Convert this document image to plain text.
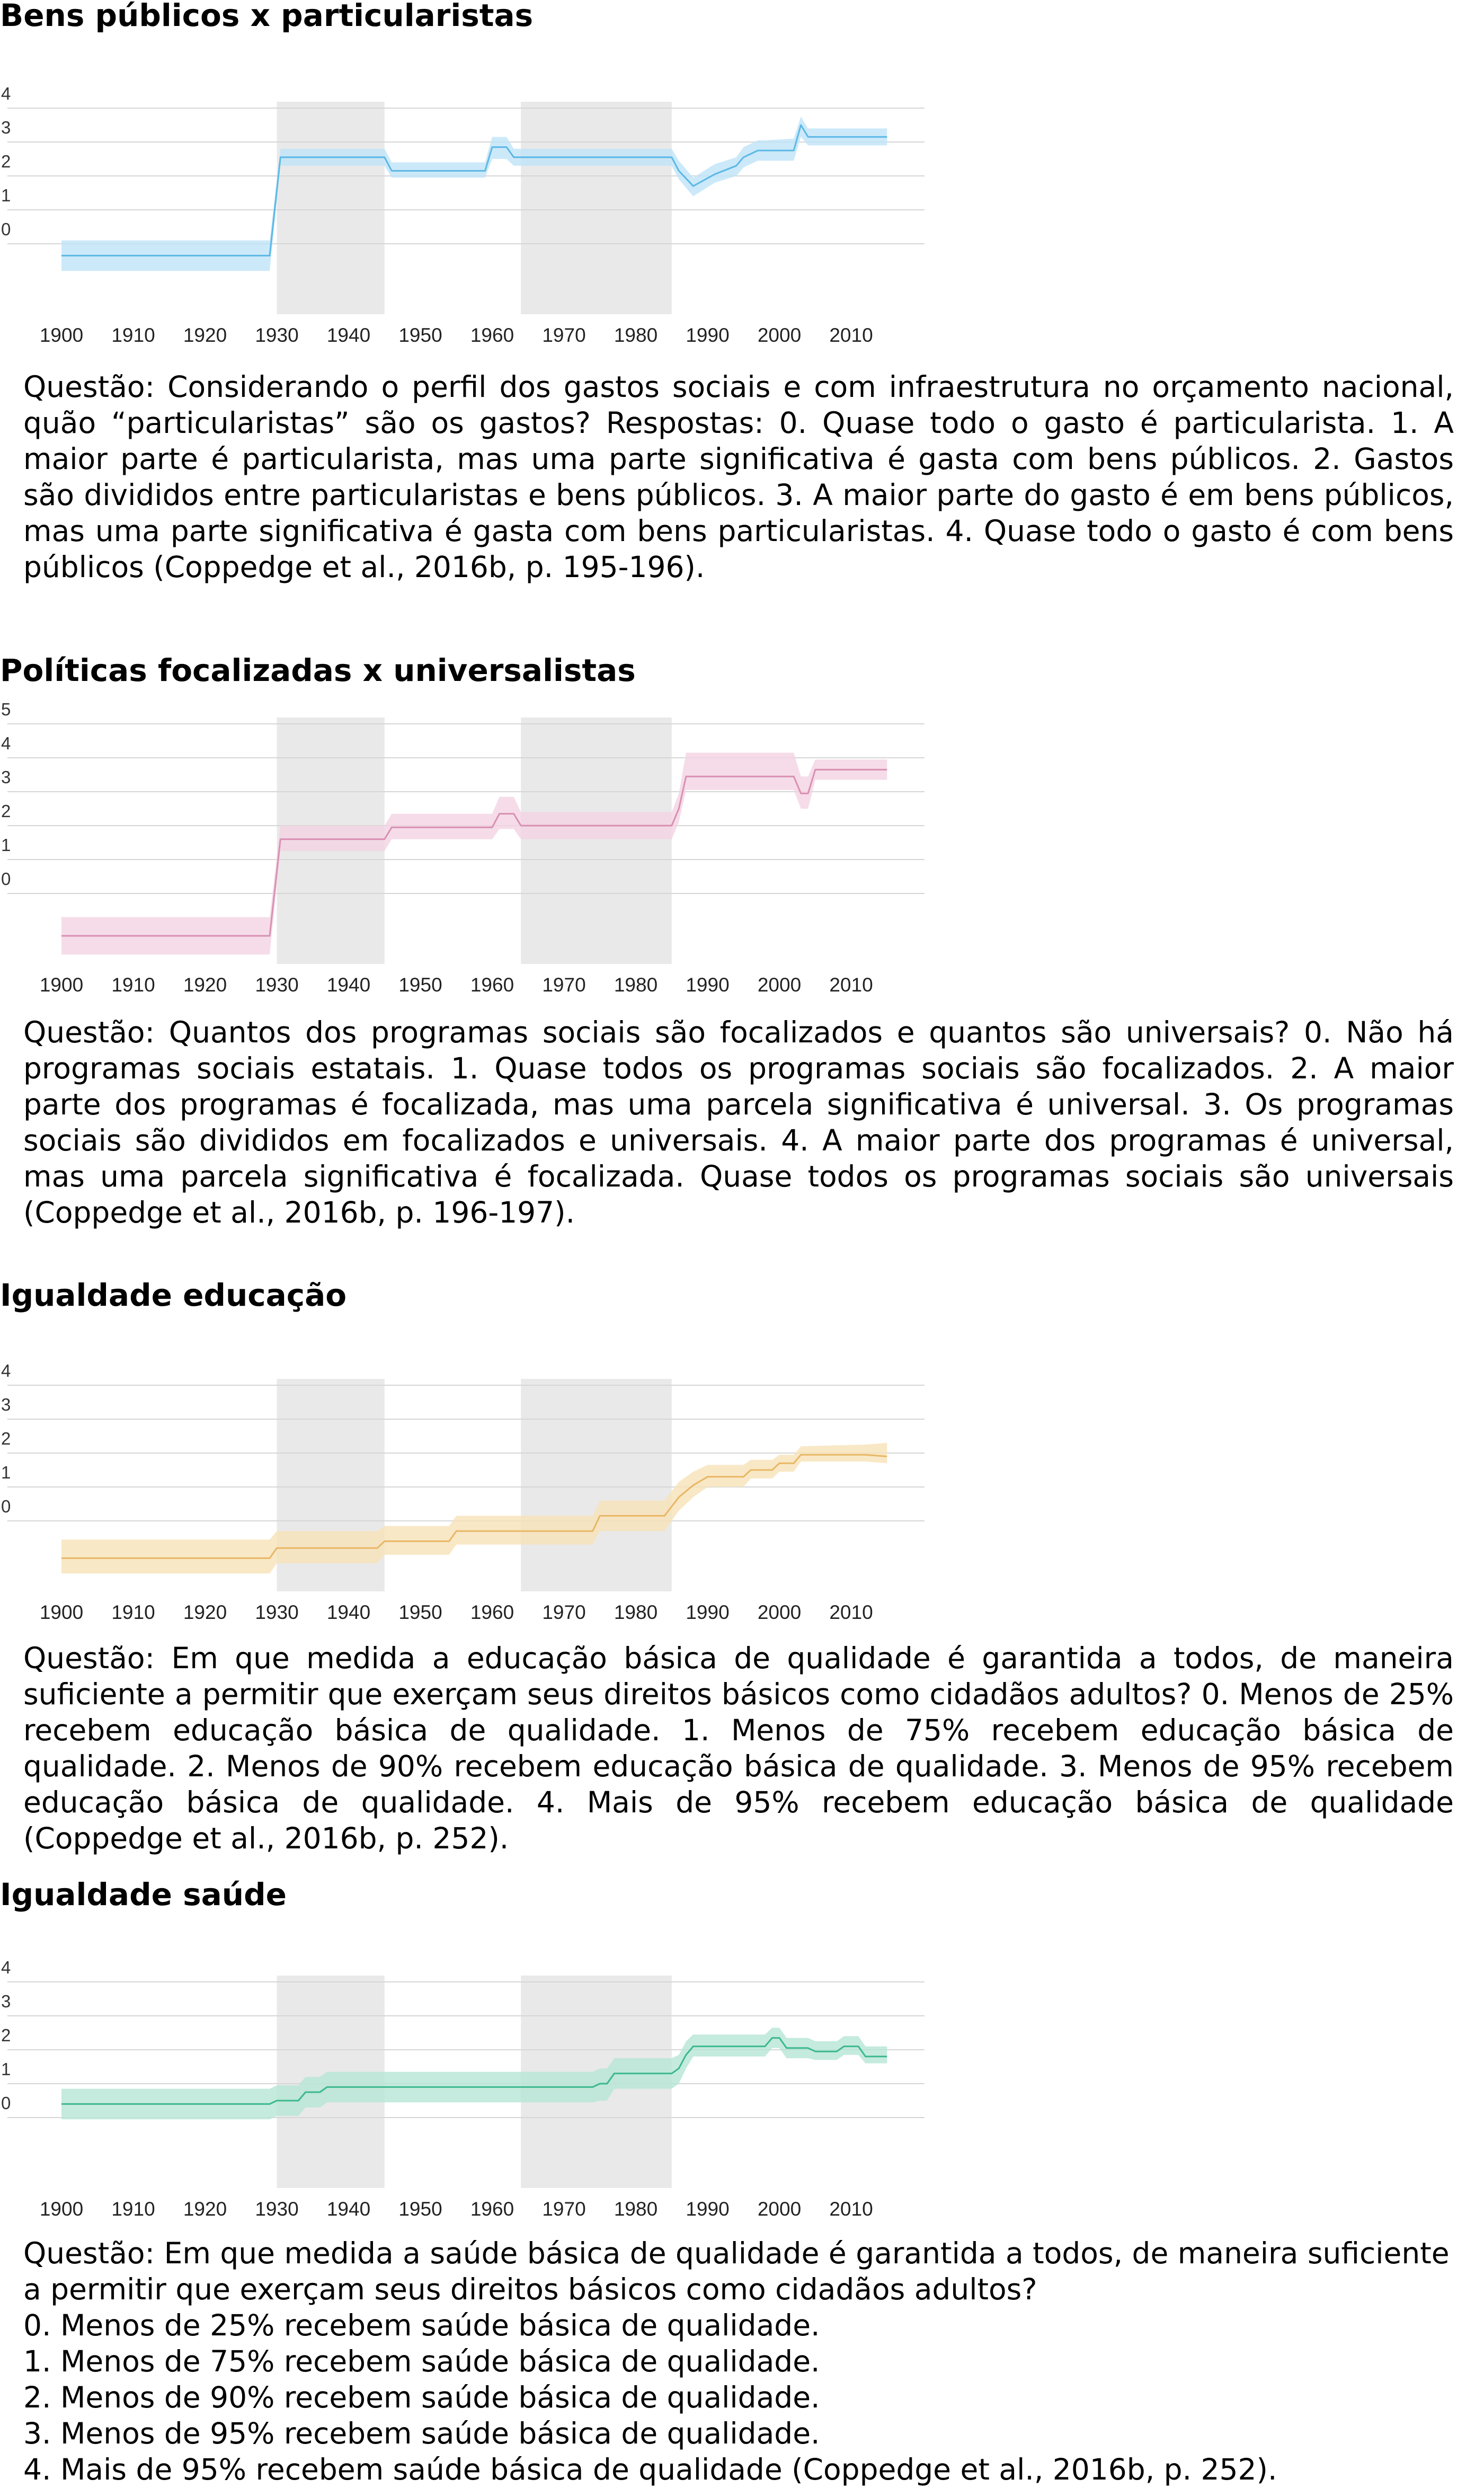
Bens públicos x particularistas
0
1
2
3
4
1900 1910 1920 1930 1940 1950 1960 1970 1980 1990 2000 2010

Questão: Considerando o perfil dos gastos sociais e com infraestrutura no orçamento nacional, quão “particularistas” são os gastos? Respostas: 0. Quase todo o gasto é particularista. 1. A maior parte é particularista, mas uma parte significativa é gasta com bens públicos. 2. Gastos são divididos entre particularistas e bens públicos. 3. A maior parte do gasto é em bens públicos, mas uma parte significativa é gasta com bens particularistas. 4. Quase todo o gasto é com bens públicos (Coppedge et al., 2016b, p. 195-196).

Políticas focalizadas x universalistas
0
1
2
3
4
5
1900 1910 1920 1930 1940 1950 1960 1970 1980 1990 2000 2010

Questão: Quantos dos programas sociais são focalizados e quantos são universais? 0. Não há programas sociais estatais. 1. Quase todos os programas sociais são focalizados. 2. A maior parte dos programas é focalizada, mas uma parcela significativa é universal. 3. Os programas sociais são divididos em focalizados e universais. 4. A maior parte dos programas é universal, mas uma parcela significativa é focalizada. Quase todos os programas sociais são universais (Coppedge et al., 2016b, p. 196-197).

Igualdade educação
0
1
2
3
4
1900 1910 1920 1930 1940 1950 1960 1970 1980 1990 2000 2010

Questão: Em que medida a educação básica de qualidade é garantida a todos, de maneira suficiente a permitir que exerçam seus direitos básicos como cidadãos adultos? 0. Menos de 25% recebem educação básica de qualidade. 1. Menos de 75% recebem educação básica de qualidade. 2. Menos de 90% recebem educação básica de qualidade. 3. Menos de 95% recebem educação básica de qualidade. 4. Mais de 95% recebem educação básica de qualidade (Coppedge et al., 2016b, p. 252).

Igualdade saúde
0
1
2
3
4
1900 1910 1920 1930 1940 1950 1960 1970 1980 1990 2000 2010
Questão: Em que medida a saúde básica de qualidade é garantida a todos, de maneira suficiente
a permitir que exerçam seus direitos básicos como cidadãos adultos?
0. Menos de 25% recebem saúde básica de qualidade.
1. Menos de 75% recebem saúde básica de qualidade.
2. Menos de 90% recebem saúde básica de qualidade.
3. Menos de 95% recebem saúde básica de qualidade.
4. Mais de 95% recebem saúde básica de qualidade (Coppedge et al., 2016b, p. 252).
